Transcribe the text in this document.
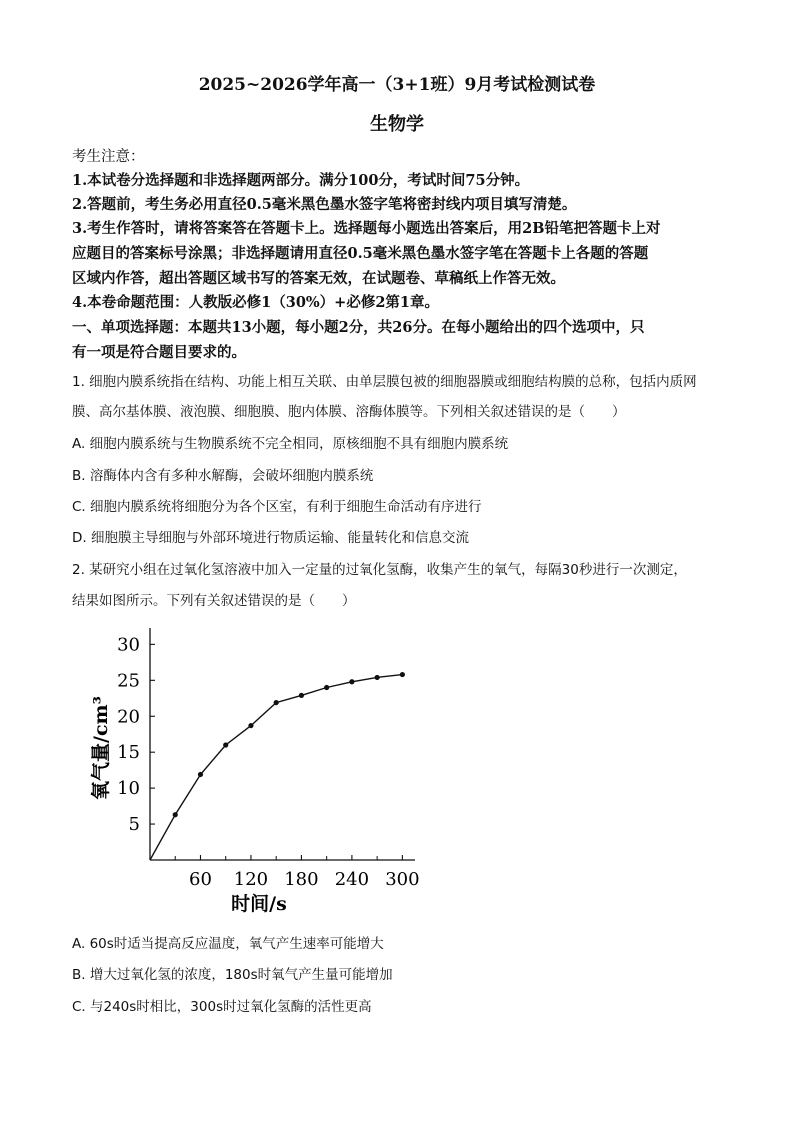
2025~2026学年高一（3+1班）9月考试检测试卷
生物学
考生注意：
1.本试卷分选择题和非选择题两部分。满分100分，考试时间75分钟。
2.答题前，考生务必用直径0.5毫米黑色墨水签字笔将密封线内项目填写清楚。
3.考生作答时，请将答案答在答题卡上。选择题每小题选出答案后，用2B铅笔把答题卡上对
应题目的答案标号涂黑；非选择题请用直径0.5毫米黑色墨水签字笔在答题卡上各题的答题
区域内作答，超出答题区域书写的答案无效，在试题卷、草稿纸上作答无效。
4.本卷命题范围：人教版必修1（30%）+必修2第1章。
一、单项选择题：本题共13小题，每小题2分，共26分。在每小题给出的四个选项中，只
有一项是符合题目要求的。
1. 细胞内膜系统指在结构、功能上相互关联、由单层膜包被的细胞器膜或细胞结构膜的总称，包括内质网
膜、高尔基体膜、液泡膜、细胞膜、胞内体膜、溶酶体膜等。下列相关叙述错误的是（　　）
A. 细胞内膜系统与生物膜系统不完全相同，原核细胞不具有细胞内膜系统
B. 溶酶体内含有多种水解酶，会破坏细胞内膜系统
C. 细胞内膜系统将细胞分为各个区室，有利于细胞生命活动有序进行
D. 细胞膜主导细胞与外部环境进行物质运输、能量转化和信息交流
2. 某研究小组在过氧化氢溶液中加入一定量的过氧化氢酶，收集产生的氧气，每隔30秒进行一次测定，
结果如图所示。下列有关叙述错误的是（　　）
60 120 180 240 300
5
10
15
20
25
30
时间/s
氧气量/cm³
A. 60s时适当提高反应温度，氧气产生速率可能增大
B. 增大过氧化氢的浓度，180s时氧气产生量可能增加
C. 与240s时相比，300s时过氧化氢酶的活性更高
